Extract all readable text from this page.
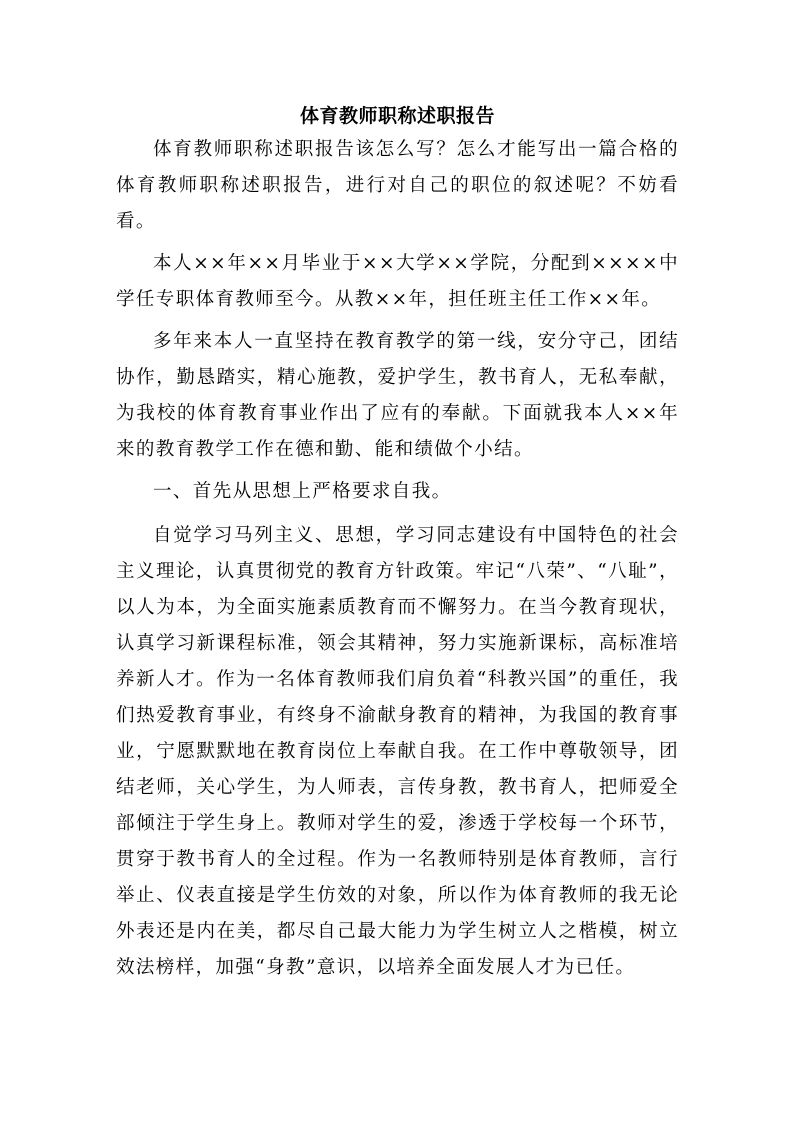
体育教师职称述职报告

体育教师职称述职报告该怎么写？怎么才能写出一篇合格的体育教师职称述职报告，进行对自己的职位的叙述呢？不妨看看。

本人××年××月毕业于××大学××学院，分配到××××中学任专职体育教师至今。从教××年，担任班主任工作××年。

多年来本人一直坚持在教育教学的第一线，安分守己，团结协作，勤恳踏实，精心施教，爱护学生，教书育人，无私奉献，为我校的体育教育事业作出了应有的奉献。下面就我本人××年来的教育教学工作在德和勤、能和绩做个小结。

一、首先从思想上严格要求自我。

自觉学习马列主义、思想，学习同志建设有中国特色的社会主义理论，认真贯彻党的教育方针政策。牢记“八荣”、“八耻”，以人为本，为全面实施素质教育而不懈努力。在当今教育现状，认真学习新课程标准，领会其精神，努力实施新课标，高标准培养新人才。作为一名体育教师我们肩负着“科教兴国”的重任，我们热爱教育事业，有终身不渝献身教育的精神，为我国的教育事业，宁愿默默地在教育岗位上奉献自我。在工作中尊敬领导，团结老师，关心学生，为人师表，言传身教，教书育人，把师爱全部倾注于学生身上。教师对学生的爱，渗透于学校每一个环节，贯穿于教书育人的全过程。作为一名教师特别是体育教师，言行举止、仪表直接是学生仿效的对象，所以作为体育教师的我无论外表还是内在美，都尽自己最大能力为学生树立人之楷模，树立效法榜样，加强“身教”意识，以培养全面发展人才为已任。
